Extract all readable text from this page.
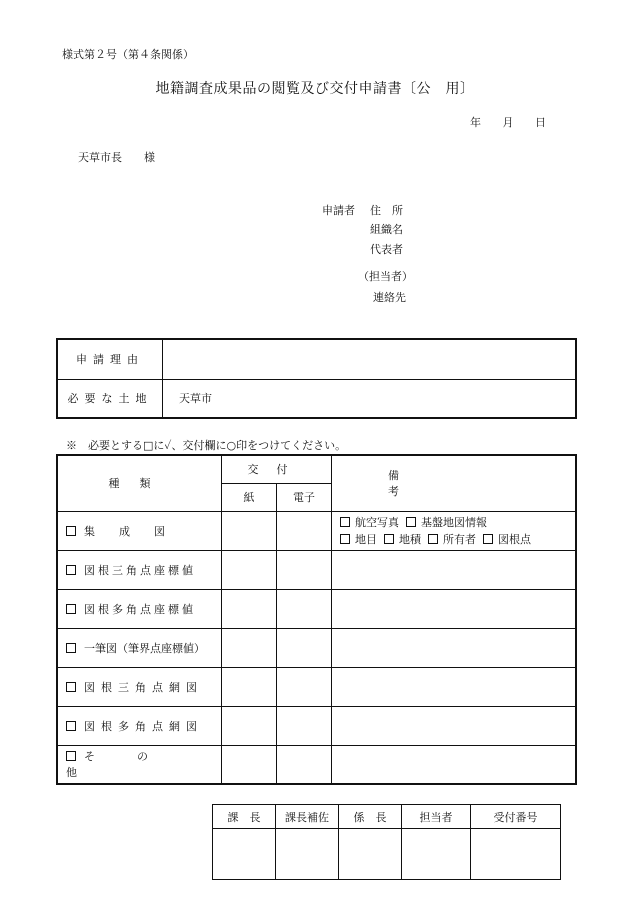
様式第２号（第４条関係）
地籍調査成果品の閲覧及び交付申請書〔公　用〕
年 月 日
天草市長　　様
申請者 住　所
組織名
代表者
（担当者）
連絡先
申請理由	
必要な土地	天草市
※　必要とする□に✓、交付欄に○印をつけてください。
種類	交付		備考
	紙	電子	

集成図			航空写真 基盤地図情報
地目 地積 所有者 図根点

図根三角点座標値			
図根多角点座標値			
一筆図（筆界点座標値）			
図根三角点網図			
図根多角点網図			
その他			
課　長	課長補佐	係　長	担当者	受付番号
